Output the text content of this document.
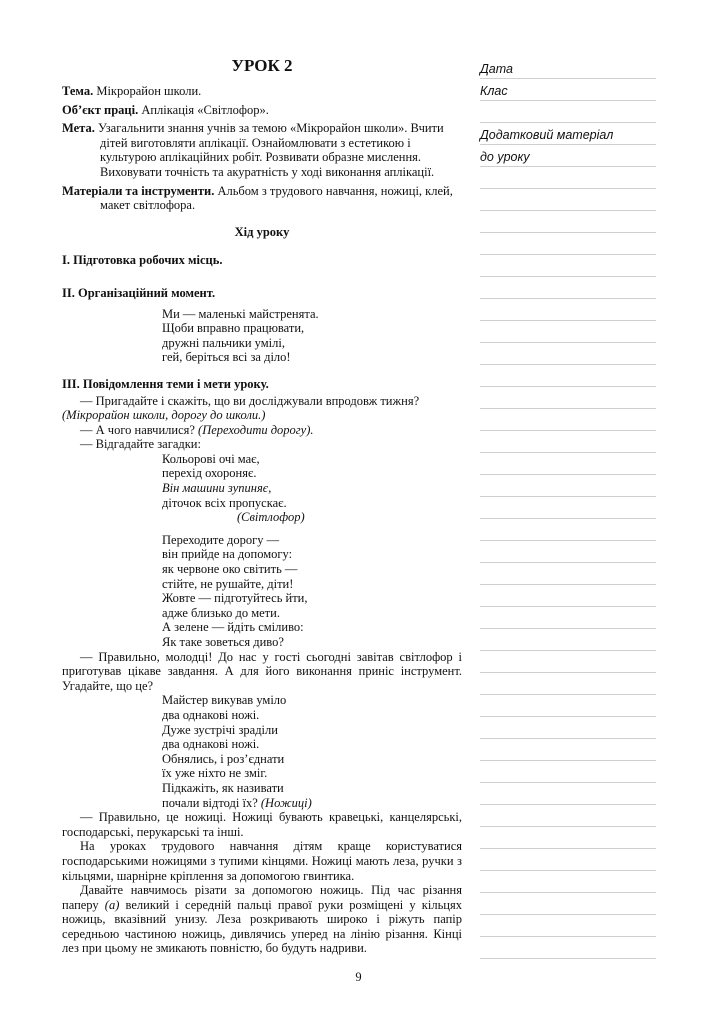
УРОК 2
Тема. Мікрорайон школи.
Об’єкт праці. Аплікація «Світлофор».
Мета. Узагальнити знання учнів за темою «Мікрорайон школи». Вчити дітей виготовляти аплікації. Ознайомлювати з естетикою і культурою аплікаційних робіт. Розвивати образне мислення. Виховувати точність та акуратність у ході виконання аплікації.
Матеріали та інструменти. Альбом з трудового навчання, ножиці, клей, макет світлофора.
Хід уроку
I. Підготовка робочих місць.
II. Організаційний момент.
Ми — маленькі майстренята.
Щоби вправно працювати,
дружні пальчики умілі,
гей, беріться всі за діло!
III. Повідомлення теми і мети уроку.
— Пригадайте і скажіть, що ви досліджували впродовж тижня?
(Мікрорайон школи, дорогу до школи.)
— А чого навчилися? (Переходити дорогу).
— Відгадайте загадки:
Кольорові очі має,
перехід охороняє.
Він машини зупиняє,
діточок всіх пропускає.
(Світлофор)
Переходите дорогу —
він прийде на допомогу:
як червоне око світить —
стійте, не рушайте, діти!
Жовте — підготуйтесь йти,
адже близько до мети.
А зелене — йдіть сміливо:
Як таке зоветься диво?
— Правильно, молодці! До нас у гості сьогодні завітав світлофор і приготував цікаве завдання. А для його виконання приніс інструмент. Угадайте, що це?
Майстер викував уміло
два однакові ножі.
Дуже зустрічі зраділи
два однакові ножі.
Обнялись, і роз’єднати
їх уже ніхто не зміг.
Підкажіть, як називати
почали відтоді їх? (Ножиці)
— Правильно, це ножиці. Ножиці бувають кравецькі, канцелярські, господарські, перукарські та інші.
На уроках трудового навчання дітям краще користуватися господарськими ножицями з тупими кінцями. Ножиці мають леза, ручки з кільцями, шарнірне кріплення за допомогою гвинтика.
Давайте навчимось різати за допомогою ножиць. Під час різання паперу (а) великий і середній пальці правої руки розміщені у кільцях ножиць, вказівний унизу. Леза розкривають широко і ріжуть папір середньою частиною ножиць, дивлячись уперед на лінію різання. Кінці лез при цьому не змикають повністю, бо будуть надриви.
9
Дата
Клас
Додатковий матеріал
до уроку
